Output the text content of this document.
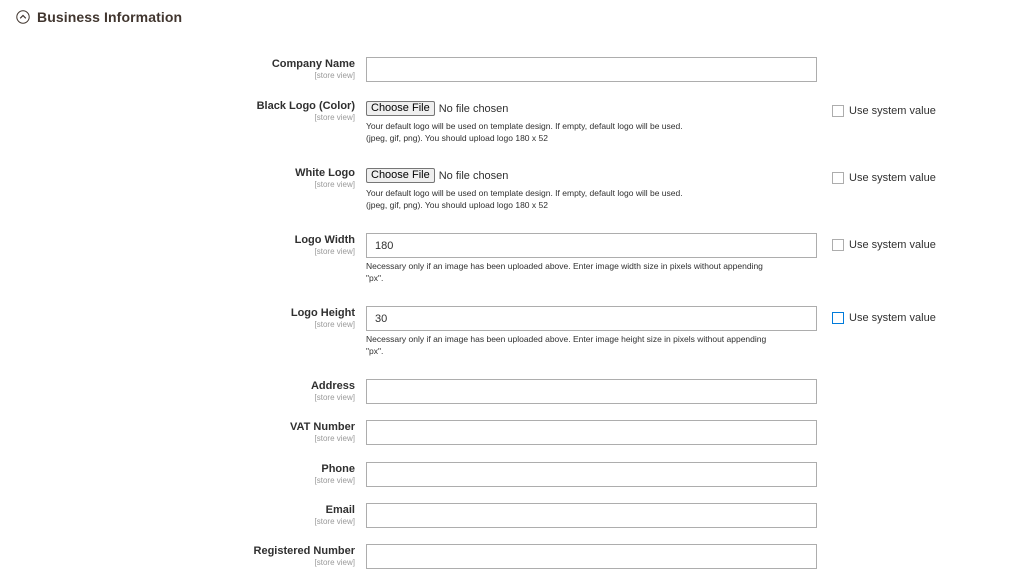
Business Information
Company Name
[store view]
Black Logo (Color)
[store view]
Choose File No file chosen
Your default logo will be used on template design. If empty, default logo will be used.
(jpeg, gif, png). You should upload logo 180 x 52
Use system value
White Logo
[store view]
Choose File No file chosen
Your default logo will be used on template design. If empty, default logo will be used.
(jpeg, gif, png). You should upload logo 180 x 52
Use system value
Logo Width
[store view]
180
Necessary only if an image has been uploaded above. Enter image width size in pixels without appending
"px".
Use system value
Logo Height
[store view]
30
Necessary only if an image has been uploaded above. Enter image height size in pixels without appending
"px".
Use system value
Address
[store view]
VAT Number
[store view]
Phone
[store view]
Email
[store view]
Registered Number
[store view]
